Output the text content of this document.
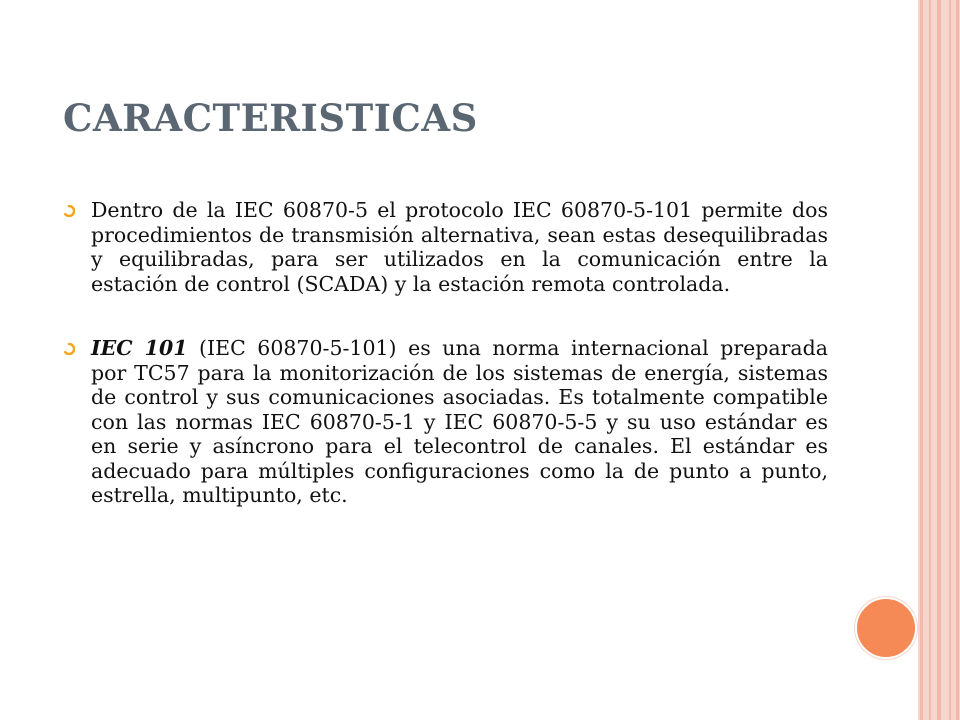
CARACTERISTICAS
Dentro de la IEC 60870-5 el protocolo IEC 60870-5-101 permite dos procedimientos de transmisión alternativa, sean estas desequilibradas y equilibradas, para ser utilizados en la comunicación entre la estación de control (SCADA) y la estación remota controlada.
IEC 101 (IEC 60870-5-101) es una norma internacional preparada por TC57 para la monitorización de los sistemas de energía, sistemas de control y sus comunicaciones asociadas. Es totalmente compatible con las normas IEC 60870-5-1 y IEC 60870-5-5 y su uso estándar es en serie y asíncrono para el telecontrol de canales. El estándar es adecuado para múltiples configuraciones como la de punto a punto, estrella, multipunto, etc.
